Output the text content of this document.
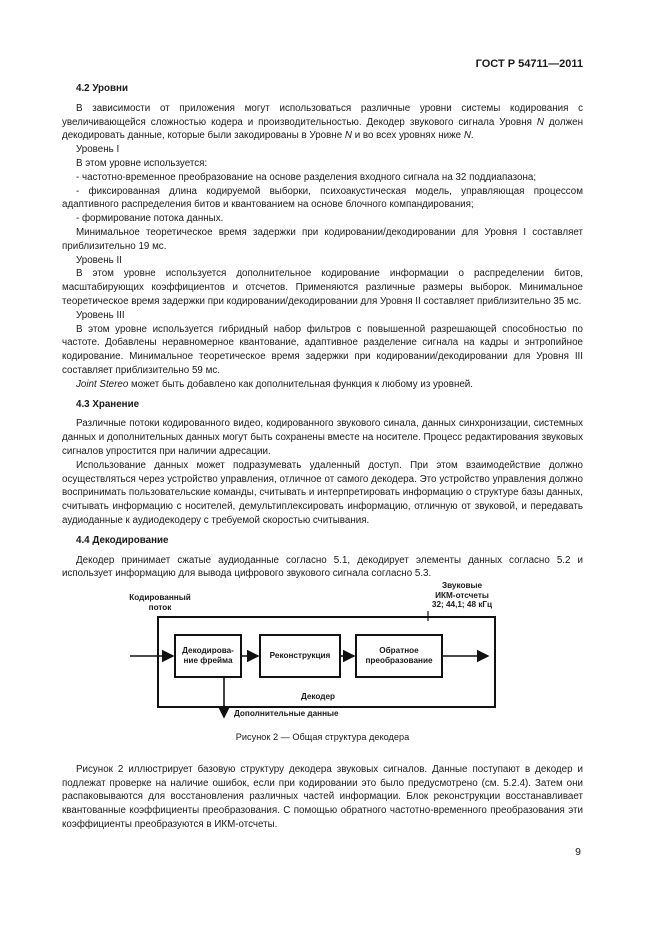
ГОСТ Р 54711—2011
4.2 Уровни

В зависимости от приложения могут использоваться различные уровни системы кодирования с увеличивающейся сложностью кодера и производительностью. Декодер звукового сигнала Уровня N должен декодировать данные, которые были закодированы в Уровне N и во всех уровнях ниже N.

Уровень I

В этом уровне используется:

- частотно-временное преобразование на основе разделения входного сигнала на 32 поддиапазона;

- фиксированная длина кодируемой выборки, психоакустическая модель, управляющая процессом адаптивного распределения битов и квантованием на основе блочного компандирования;

- формирование потока данных.

Минимальное теоретическое время задержки при кодировании/декодировании для Уровня I составляет приблизительно 19 мс.

Уровень II

В этом уровне используется дополнительное кодирование информации о распределении битов, масштабирующих коэффициентов и отсчетов. Применяются различные размеры выборок. Минимальное теоретическое время задержки при кодировании/декодировании для Уровня II составляет приблизительно 35 мс.

Уровень III

В этом уровне используется гибридный набор фильтров с повышенной разрешающей способностью по частоте. Добавлены неравномерное квантование, адаптивное разделение сигнала на кадры и энтропийное кодирование. Минимальное теоретическое время задержки при кодировании/декодировании для Уровня III составляет приблизительно 59 мс.

Joint Stereo может быть добавлено как дополнительная функция к любому из уровней.

4.3 Хранение

Различные потоки кодированного видео, кодированного звукового синала, данных синхронизации, системных данных и дополнительных данных могут быть сохранены вместе на носителе. Процесс редактирования звуковых сигналов упростится при наличии адресации.

Использование данных может подразумевать удаленный доступ. При этом взаимодействие должно осуществляться через устройство управления, отличное от самого декодера. Это устройство управления должно воспринимать пользовательские команды, считывать и интерпретировать информацию о структуре базы данных, считывать информацию с носителей, демультиплексировать информацию, отличную от звуковой, и передавать аудиоданные к аудиодекодеру с требуемой скоростью считывания.

4.4 Декодирование

Декодер принимает сжатые аудиоданные согласно 5.1, декодирует элементы данных согласно 5.2 и использует информацию для вывода цифрового звукового сигнала согласно 5.3.

Кодированный
поток
Звуковые
ИКМ-отсчеты
32; 44,1; 48 кГц
Декодирова-
ние фрейма	Реконструкция
Обратное
преобразование
Декодер
Дополнительные данные
Рисунок 2 — Общая структура декодера

Рисунок 2 иллюстрирует базовую структуру декодера звуковых сигналов. Данные поступают в декодер и подлежат проверке на наличие ошибок, если при кодировании это было предусмотрено (см. 5.2.4). Затем они распаковываются для восстановления различных частей информации. Блок реконструкции восстанавливает квантованные коэффициенты преобразования. С помощью обратного частотно-временного преобразования эти коэффициенты преобразуются в ИКМ-отсчеты.

9
